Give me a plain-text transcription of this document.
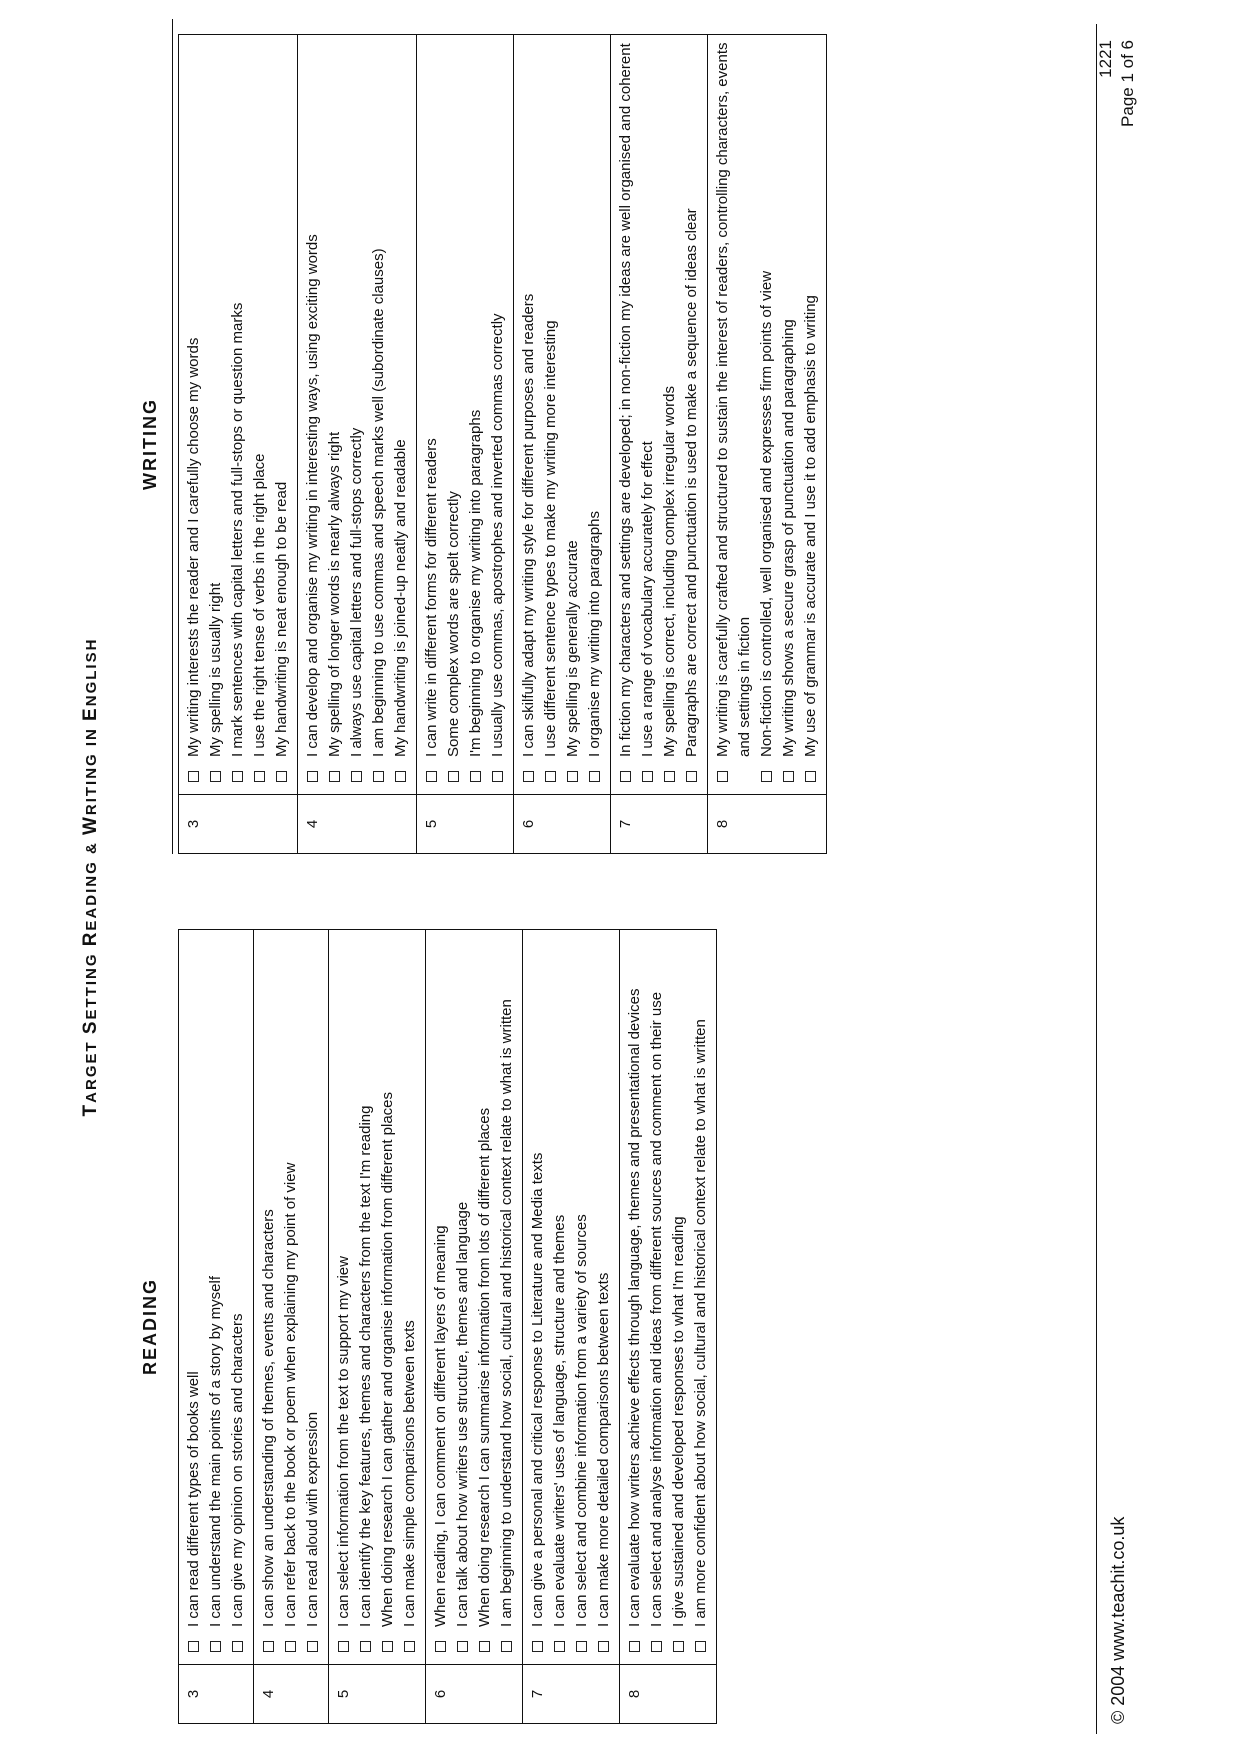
TARGET SETTING READING & WRITING IN ENGLISH
READING
WRITING
3	I can read different types of books well I can understand the main points of a story by myself I can give my opinion on stories and characters

4	I can show an understanding of themes, events and characters I can refer back to the book or poem when explaining my point of view I can read aloud with expression

5	I can select information from the text to support my view I can identify the key features, themes and characters from the text I'm reading When doing research I can gather and organise information from different places I can make simple comparisons between texts

6	When reading, I can comment on different layers of meaning I can talk about how writers use structure, themes and language When doing research I can summarise information from lots of different places I am beginning to understand how social, cultural and historical context relate to what is written

7	I can give a personal and critical response to Literature and Media texts I can evaluate writers' uses of language, structure and themes I can select and combine information from a variety of sources I can make more detailed comparisons between texts

8	I can evaluate how writers achieve effects through language, themes and presentational devices I can select and analyse information and ideas from different sources and comment on their use I give sustained and developed responses to what I'm reading I am more confident about how social, cultural and historical context relate to what is written
3	My writing interests the reader and I carefully choose my words My spelling is usually right I mark sentences with capital letters and full-stops or question marks I use the right tense of verbs in the right place My handwriting is neat enough to be read

4	I can develop and organise my writing in interesting ways, using exciting words My spelling of longer words is nearly always right I always use capital letters and full-stops correctly I am beginning to use commas and speech marks well (subordinate clauses) My handwriting is joined-up neatly and readable

5	I can write in different forms for different readers Some complex words are spelt correctly I'm beginning to organise my writing into paragraphs I usually use commas, apostrophes and inverted commas correctly

6	I can skilfully adapt my writing style for different purposes and readers I use different sentence types to make my writing more interesting My spelling is generally accurate I organise my writing into paragraphs

7	In fiction my characters and settings are developed; in non-fiction my ideas are well organised and coherent I use a range of vocabulary accurately for effect My spelling is correct, including complex irregular words Paragraphs are correct and punctuation is used to make a sequence of ideas clear

8	My writing is carefully crafted and structured to sustain the interest of readers, controlling characters, events and settings in fiction Non-fiction is controlled, well organised and expresses firm points of view My writing shows a secure grasp of punctuation and paragraphing My use of grammar is accurate and I use it to add emphasis to writing
© 2004 www.teachit.co.uk
1221 Page 1 of 6
